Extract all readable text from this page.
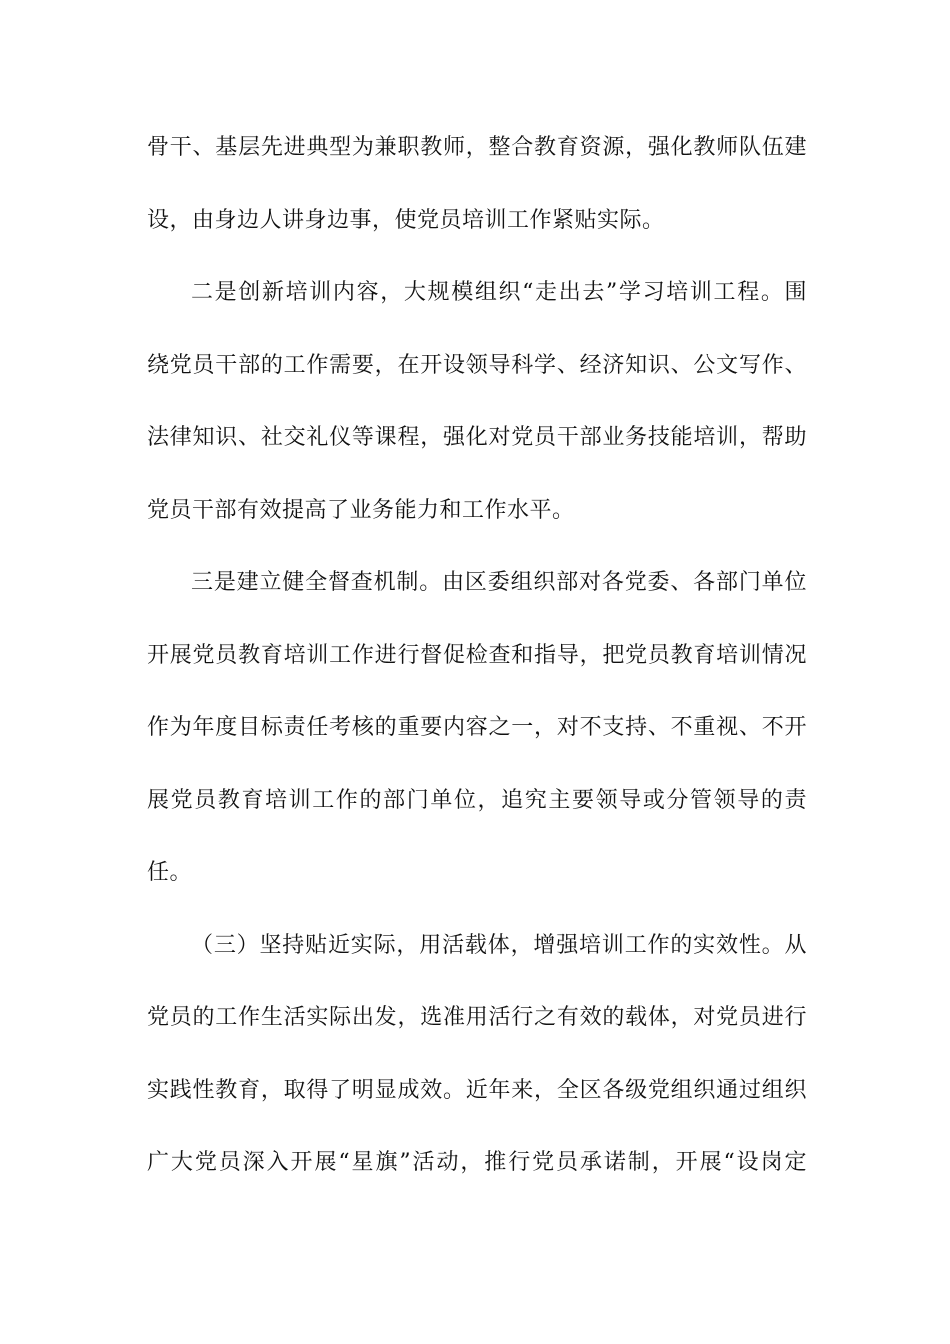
骨干、基层先进典型为兼职教师，整合教育资源，强化教师队伍建
设，由身边人讲身边事，使党员培训工作紧贴实际。
二是创新培训内容，大规模组织“走出去”学习培训工程。围
绕党员干部的工作需要，在开设领导科学、经济知识、公文写作、
法律知识、社交礼仪等课程，强化对党员干部业务技能培训，帮助
党员干部有效提高了业务能力和工作水平。
三是建立健全督查机制。由区委组织部对各党委、各部门单位
开展党员教育培训工作进行督促检查和指导，把党员教育培训情况
作为年度目标责任考核的重要内容之一，对不支持、不重视、不开
展党员教育培训工作的部门单位，追究主要领导或分管领导的责
任。
（三）坚持贴近实际，用活载体，增强培训工作的实效性。从
党员的工作生活实际出发，选准用活行之有效的载体，对党员进行
实践性教育，取得了明显成效。近年来，全区各级党组织通过组织
广大党员深入开展“星旗”活动，推行党员承诺制，开展“设岗定
